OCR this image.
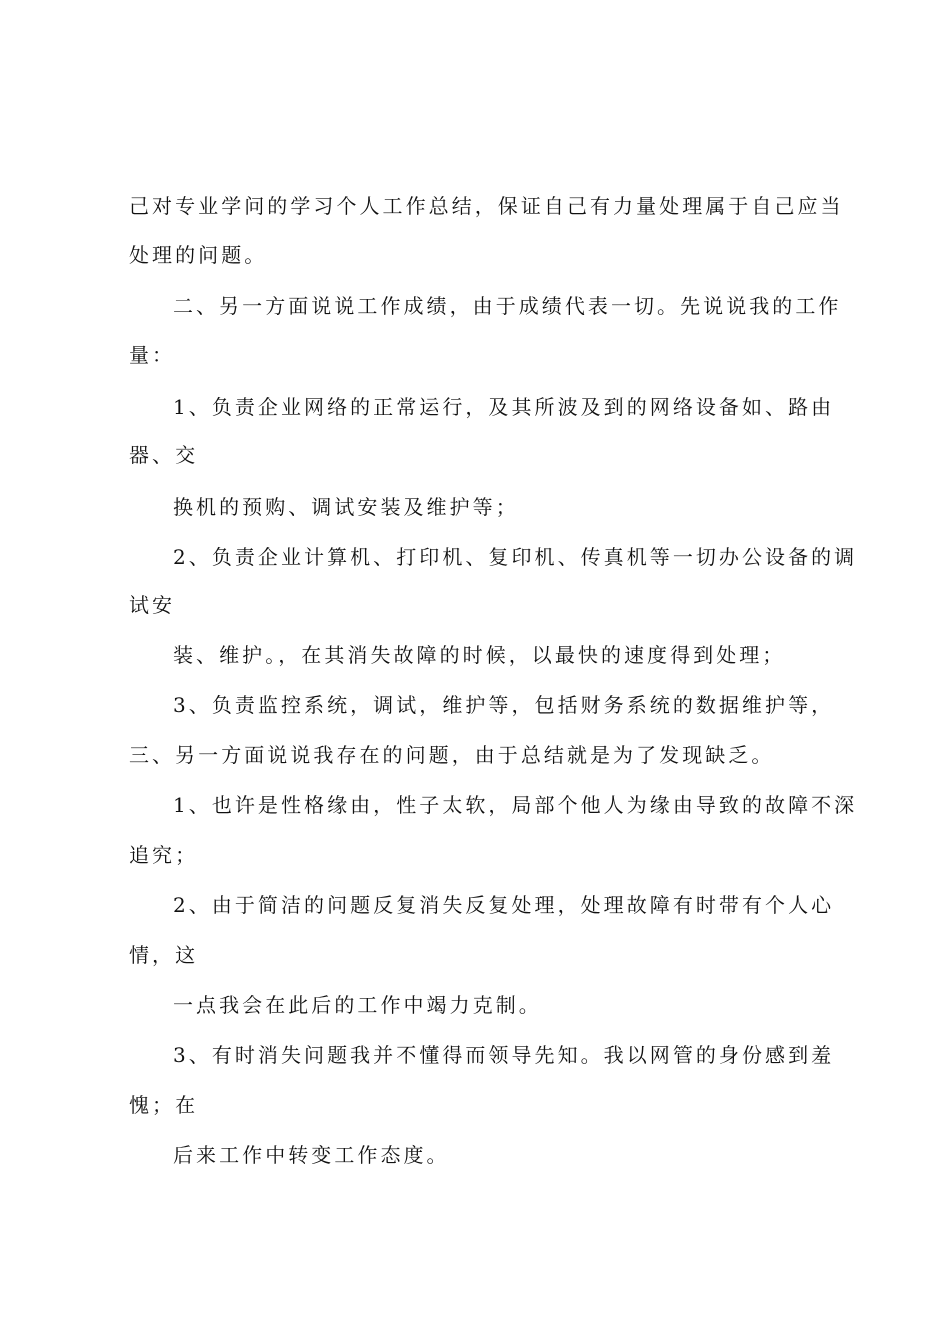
己对专业学问的学习个人工作总结，保证自己有力量处理属于自己应当
处理的问题。
二、另一方面说说工作成绩，由于成绩代表一切。先说说我的工作
量：
1、负责企业网络的正常运行，及其所波及到的网络设备如、路由
器、交
换机的预购、调试安装及维护等；
2、负责企业计算机、打印机、复印机、传真机等一切办公设备的调
试安
装、维护。，在其消失故障的时候，以最快的速度得到处理；
3、负责监控系统，调试，维护等，包括财务系统的数据维护等，
三、另一方面说说我存在的问题，由于总结就是为了发现缺乏。
1、也许是性格缘由，性子太软，局部个他人为缘由导致的故障不深
追究；
2、由于简洁的问题反复消失反复处理，处理故障有时带有个人心
情，这
一点我会在此后的工作中竭力克制。
3、有时消失问题我并不懂得而领导先知。我以网管的身份感到羞
愧；在
后来工作中转变工作态度。
